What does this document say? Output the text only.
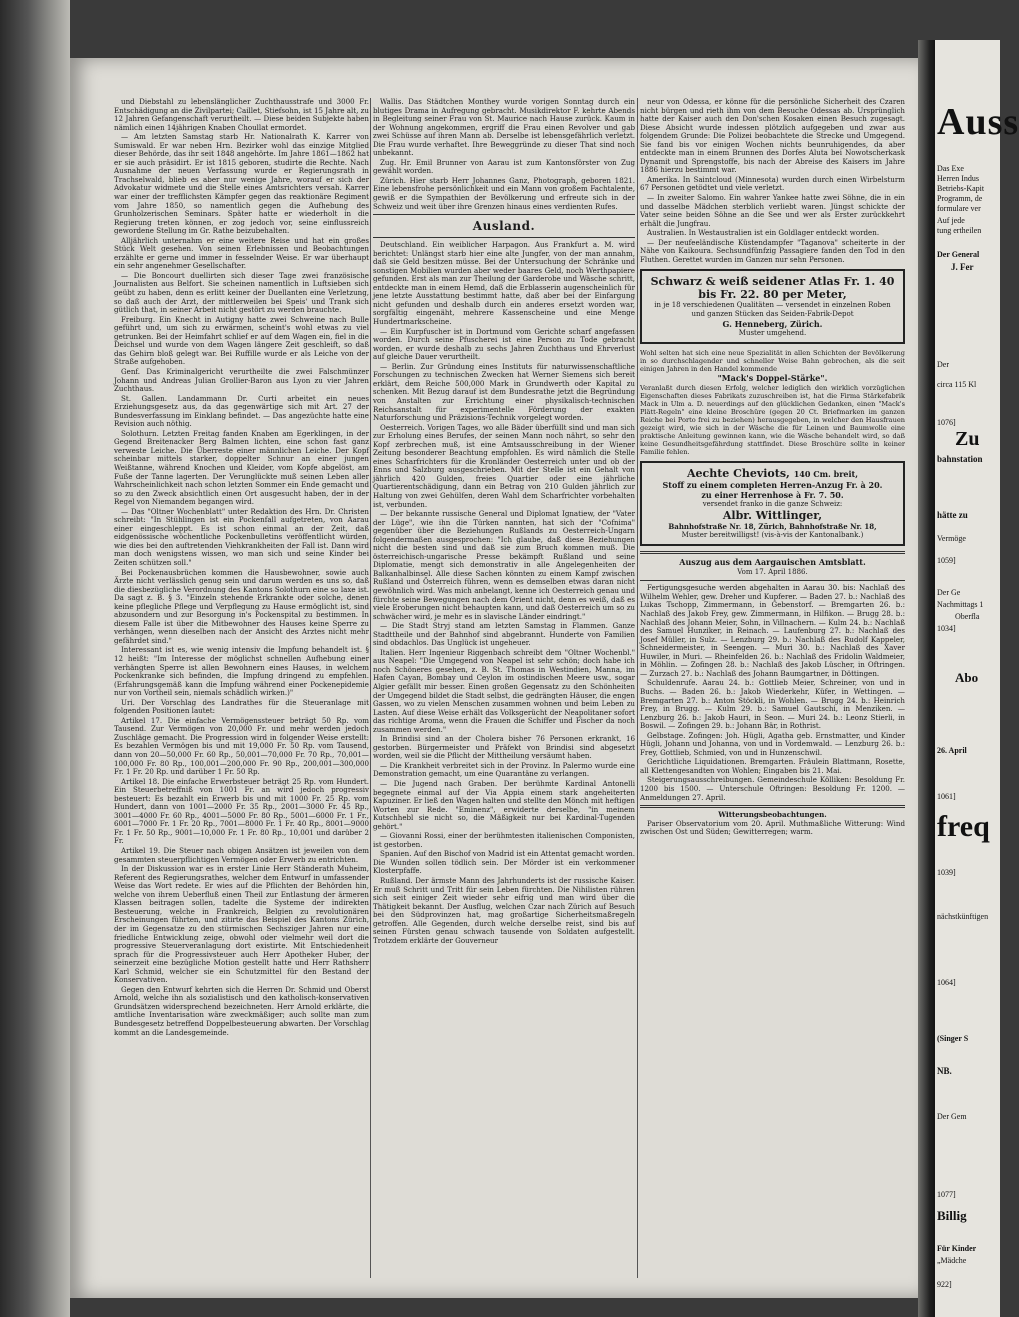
und Diebstahl zu lebenslänglicher Zuchthausstrafe und 3000 Fr. Entschädigung an die Zivilpartei; Caillet, Stiefsohn, ist 15 Jahre alt, zu 12 Jahren Gefangenschaft verurtheilt. — Diese beiden Subjekte haben nämlich einen 14jährigen Knaben Choullat ermordet.

— Am letzten Samstag starb Hr. Nationalrath K. Karrer von Sumiswald. Er war neben Hrn. Bezirker wohl das einzige Mitglied dieser Behörde, das ihr seit 1848 angehörte. Im Jahre 1861—1862 hat er sie auch präsidirt. Er ist 1815 geboren, studirte die Rechte. Nach Ausnahme der neuen Verfassung wurde er Regierungsrath in Trachselwald, blieb es aber nur wenige Jahre, worauf er sich der Advokatur widmete und die Stelle eines Amtsrichters versah. Karrer war einer der trefflichsten Kämpfer gegen das reaktionäre Regiment vom Jahre 1850, so namentlich gegen die Aufhebung des Grunholzerischen Seminars. Später hatte er wiederholt in die Regierung treten können, er zog jedoch vor, seine einflussreich gewordene Stellung im Gr. Rathe beizubehalten.

Alljährlich unternahm er eine weitere Reise und hat ein großes Stück Welt gesehen. Von seinen Erlebnissen und Beobachtungen erzählte er gerne und immer in fesselnder Weise. Er war überhaupt ein sehr angenehmer Gesellschafter.

— Die Boncourt duellirten sich dieser Tage zwei französische Journalisten aus Belfort. Sie scheinen namentlich in Luftsieben sich geübt zu haben, denn es erlitt keiner der Duellanten eine Verletzung, so daß auch der Arzt, der mittlerweilen bei Speis' und Trank sich gütlich that, in seiner Arbeit nicht gestört zu werden brauchte.

Freiburg. Ein Knecht in Autigny hatte zwei Schweine nach Bulle geführt und, um sich zu erwärmen, scheint's wohl etwas zu viel getrunken. Bei der Heimfahrt schlief er auf dem Wagen ein, fiel in die Deichsel und wurde von dem Wagen längere Zeit geschleift, so daß das Gehirn bloß gelegt war. Bei Ruffille wurde er als Leiche von der Straße aufgehoben.

Genf. Das Kriminalgericht verurtheilte die zwei Falschmünzer Johann und Andreas Julian Grollier-Baron aus Lyon zu vier Jahren Zuchthaus.

St. Gallen. Landammann Dr. Curti arbeitet ein neues Erziehungsgesetz aus, da das gegenwärtige sich mit Art. 27 der Bundesverfassung im Einklang befindet. — Das angezüchte hatte eine Revision auch nöthig.

Solothurn. Letzten Freitag fanden Knaben am Egerklingen, in der Gegend Breitenacker Berg Balmen lichten, eine schon fast ganz verweste Leiche. Die Überreste einer männlichen Leiche. Der Kopf scheinbar mittels starker, doppelter Schnur an einer jungen Weißtanne, während Knochen und Kleider, vom Kopfe abgelöst, am Fuße der Tanne lagerten. Der Verunglückte muß seinen Leben aller Wahrscheinlichkeit nach schon letzten Sommer ein Ende gemacht und so zu den Zweck absichtlich einen Ort ausgesucht haben, der in der Regel von Niemandem begangen wird.

— Das "Oltner Wochenblatt" unter Redaktion des Hrn. Dr. Christen schreibt: "In Stühlingen ist ein Pockenfall aufgetreten, von Aarau einer eingeschleppt. Es ist schon einmal an der Zeit, daß eidgenössische wöchentliche Pockenbulletins veröffentlicht würden, wie dies bei den auftretenden Viehkrankheiten der Fall ist. Dann wird man doch wenigstens wissen, wo man sich und seine Kinder bei Zeiten schützen soll."

Bei Pockenausbrüchen kommen die Hausbewohner, sowie auch Ärzte nicht verlässlich genug sein und darum werden es uns so, daß die diesbezügliche Verordnung des Kantons Solothurn eine so laxe ist. Da sagt z. B. § 3. "Einzeln stehende Erkrankte oder solche, denen keine pflegliche Pflege und Verpflegung zu Hause ermöglicht ist, sind abzusondern und zur Besorgung in's Pockenspital zu bestimmen. In diesem Falle ist über die Mitbewohner des Hauses keine Sperre zu verhängen, wenn dieselben nach der Ansicht des Arztes nicht mehr gefährdet sind."

Interessant ist es, wie wenig intensiv die Impfung behandelt ist. § 12 heißt: "Im Interesse der möglichst schnellen Aufhebung einer verhängten Sperre ist allen Bewohnern eines Hauses, in welchem Pockenkranke sich befinden, die Impfung dringend zu empfehlen. (Erfahrungsgemäß kann die Impfung während einer Pockenepidemie nur von Vortheil sein, niemals schädlich wirken.)"

Uri. Der Vorschlag des Landrathes für die Steueranlage mit folgenden Positionen lautet:

Artikel 17. Die einfache Vermögenssteuer beträgt 50 Rp. vom Tausend. Zur Vermögen von 20,000 Fr. und mehr werden jedoch Zuschläge gemacht. Die Progression wird in folgender Weise erstellt: Es bezahlen Vermögen bis und mit 19,000 Fr. 50 Rp. vom Tausend, dann von 20—50,000 Fr. 60 Rp., 50,001—70,000 Fr. 70 Rp., 70,001—100,000 Fr. 80 Rp., 100,001—200,000 Fr. 90 Rp., 200,001—300,000 Fr. 1 Fr. 20 Rp. und darüber 1 Fr. 50 Rp.

Artikel 18. Die einfache Erwerbsteuer beträgt 25 Rp. vom Hundert. Ein Steuerbetreffniß von 1001 Fr. an wird jedoch progressiv besteuert: Es bezahlt ein Erwerb bis und mit 1000 Fr. 25 Rp. vom Hundert, dann von 1001—2000 Fr. 35 Rp., 2001—3000 Fr. 45 Rp., 3001—4000 Fr. 60 Rp., 4001—5000 Fr. 80 Rp., 5001—6000 Fr. 1 Fr., 6001—7000 Fr. 1 Fr. 20 Rp., 7001—8000 Fr. 1 Fr. 40 Rp., 8001—9000 Fr. 1 Fr. 50 Rp., 9001—10,000 Fr. 1 Fr. 80 Rp., 10,001 und darüber 2 Fr.

Artikel 19. Die Steuer nach obigen Ansätzen ist jeweilen von dem gesammten steuerpflichtigen Vermögen oder Erwerb zu entrichten.

In der Diskussion war es in erster Linie Herr Ständerath Muheim, Referent des Regierungsrathes, welcher dem Entwurf in umfassender Weise das Wort redete. Er wies auf die Pflichten der Behörden hin, welche von ihrem Ueberfluß einen Theil zur Entlastung der ärmeren Klassen beitragen sollen, tadelte die Systeme der indirekten Besteuerung, welche in Frankreich, Belgien zu revolutionären Erscheinungen führten, und zitirte das Beispiel des Kantons Zürich, der im Gegensatze zu den stürmischen Sechsziger Jahren nur eine friedliche Entwicklung zeige, obwohl oder vielmehr weil dort die progressive Steuerveranlagung dort existirte. Mit Entschiedenheit sprach für die Progressivsteuer auch Herr Apotheker Huber, der seinerzeit eine bezügliche Motion gestellt hatte und Herr Rathsherr Karl Schmid, welcher sie ein Schutzmittel für den Bestand der Konservativen.

Gegen den Entwurf kehrten sich die Herren Dr. Schmid und Oberst Arnold, welche ihn als sozialistisch und den katholisch-konservativen Grundsätzen widersprechend bezeichneten. Herr Arnold erklärte, die amtliche Inventarisation wäre zweckmäßiger; auch sollte man zum Bundesgesetz betreffend Doppelbesteuerung abwarten. Der Vorschlag kommt an die Landesgemeinde.

Wallis. Das Städtchen Monthey wurde vorigen Sonntag durch ein blutiges Drama in Aufregung gebracht. Musikdirektor F. kehrte Abends in Begleitung seiner Frau von St. Maurice nach Hause zurück. Kaum in der Wohnung angekommen, ergriff die Frau einen Revolver und gab zwei Schüsse auf ihren Mann ab. Derselbe ist lebensgefährlich verletzt. Die Frau wurde verhaftet. Ihre Beweggründe zu dieser That sind noch unbekannt.

Zug. Hr. Emil Brunner von Aarau ist zum Kantonsförster von Zug gewählt worden.

Zürich. Hier starb Herr Johannes Ganz, Photograph, geboren 1821. Eine lebensfrohe persönlichkeit und ein Mann von großem Fachtalente, gewiß er die Sympathien der Bevölkerung und erfreute sich in der Schweiz und weit über ihre Grenzen hinaus eines verdienten Rufes.

Ausland.

Deutschland. Ein weiblicher Harpagon. Aus Frankfurt a. M. wird berichtet: Unlängst starb hier eine alte Jungfer, von der man annahm, daß sie Geld besitzen müsse. Bei der Untersuchung der Schränke und sonstigen Mobilien wurden aber weder baares Geld, noch Werthpapiere gefunden. Erst als man zur Theilung der Garderobe und Wäsche schritt, entdeckte man in einem Hemd, daß die Erblasserin augenscheinlich für jene letzte Ausstattung bestimmt hatte, daß aber bei der Einfargung nicht gefunden und deshalb durch ein anderes ersetzt worden war, sorgfältig eingenäht, mehrere Kassenscheine und eine Menge Hundertmarkscheine.

— Ein Kurpfuscher ist in Dortmund vom Gerichte scharf angefassen worden. Durch seine Pfuscherei ist eine Person zu Tode gebracht worden, er wurde deshalb zu sechs Jahren Zuchthaus und Ehrverlust auf gleiche Dauer verurtheilt.

— Berlin. Zur Gründung eines Instituts für naturwissenschaftliche Forschungen zu technischen Zwecken hat Werner Siemens sich bereit erklärt, dem Reiche 500,000 Mark in Grundwerth oder Kapital zu schenken. Mit Bezug darauf ist dem Bundesrathe jetzt die Begründung von Anstalten zur Errichtung einer physikalisch-technischen Reichsanstalt für experimentelle Förderung der exakten Naturforschung und Präzisions-Technik vorgelegt worden.

Oesterreich. Vorigen Tages, wo alle Bäder überfüllt sind und man sich zur Erholung eines Berufes, der seinen Mann noch nährt, so sehr den Kopf zerbrechen muß, ist eine Amtsausschreibung in der Wiener Zeitung besonderer Beachtung empfohlen. Es wird nämlich die Stelle eines Scharfrichters für die Kronländer Oesterreich unter und ob der Enns und Salzburg ausgeschrieben. Mit der Stelle ist ein Gehalt von jährlich 420 Gulden, freies Quartier oder eine jährliche Quartierentschädigung, dann ein Betrag von 210 Gulden jährlich zur Haltung von zwei Gehülfen, deren Wahl dem Scharfrichter vorbehalten ist, verbunden.

— Der bekannte russische General und Diplomat Ignatiew, der "Vater der Lüge", wie ihn die Türken nannten, hat sich der "Cofnima" gegenüber über die Beziehungen Rußlands zu Oesterreich-Ungarn folgendermaßen ausgesprochen: "Ich glaube, daß diese Beziehungen nicht die besten sind und daß sie zum Bruch kommen muß. Die österreichisch-ungarische Presse bekämpft Rußland und seine Diplomatie, mengt sich demonstrativ in alle Angelegenheiten der Balkanhalbinsel. Alle diese Sachen könnten zu einem Kampf zwischen Rußland und Österreich führen, wenn es demselben etwas daran nicht gewöhnlich wird. Was mich anbelangt, kenne ich Oesterreich genau und fürchte seine Bewegungen nach dem Orient nicht, denn es weiß, daß es viele Eroberungen nicht behaupten kann, und daß Oesterreich um so zu schwächer wird, je mehr es in slavische Länder eindringt."

— Die Stadt Stryj stand am letzten Samstag in Flammen. Ganze Stadttheile und der Bahnhof sind abgebrannt. Hunderte von Familien sind obdachlos. Das Unglück ist ungeheuer.

Italien. Herr Ingenieur Riggenbach schreibt dem "Oltner Wochenbl." aus Neapel: "Die Umgegend von Neapel ist sehr schön; doch habe ich noch Schöneres gesehen, z. B. St. Thomas in Westindien, Manna, im Hafen Cayan, Bombay und Ceylon im ostindischen Meere usw., sogar Algier gefällt mir besser. Einen großen Gegensatz zu den Schönheiten der Umgegend bildet die Stadt selbst, die gedrängten Häuser, die engen Gassen, wo zu vielen Menschen zusammen wohnen und beim Leben zu Lasten. Auf diese Weise erhält das Volksgerücht der Neapolitaner sofort das richtige Aroma, wenn die Frauen die Schiffer und Fischer da noch zusammen werden."

In Brindisi sind an der Cholera bisher 76 Personen erkrankt, 16 gestorben. Bürgermeister und Präfekt von Brindisi sind abgesetzt worden, weil sie die Pflicht der Mittheilung versäumt haben.

— Die Krankheit verbreitet sich in der Provinz. In Palermo wurde eine Demonstration gemacht, um eine Quarantäne zu verlangen.

— Die Jugend nach Graben. Der berühmte Kardinal Antonelli begegnete einmal auf der Via Appia einem stark angeheiterten Kapuziner. Er ließ den Wagen halten und stellte den Mönch mit heftigen Worten zur Rede. "Eminenz", erwiderte derselbe, "in meinem Kutschhebl sie nicht so, die Mäßigkeit nur bei Kardinal-Tugenden gehört."

— Giovanni Rossi, einer der berühmtesten italienischen Componisten, ist gestorben.

Spanien. Auf den Bischof von Madrid ist ein Attentat gemacht worden. Die Wunden sollen tödlich sein. Der Mörder ist ein verkommener Klosterpfaffe.

Rußland. Der ärmste Mann des Jahrhunderts ist der russische Kaiser. Er muß Schritt und Tritt für sein Leben fürchten. Die Nihilisten rühren sich seit einiger Zeit wieder sehr eifrig und man wird über die Thätigkeit bekannt. Der Ausflug, welchen Czar nach Zürich auf Besuch bei den Südprovinzen hat, mag großartige Sicherheitsmaßregeln getroffen. Alle Gegenden, durch welche derselbe reist, sind bis auf seinen Fürsten genau schwach tausende von Soldaten aufgestellt. Trotzdem erklärte der Gouverneur

neur von Odessa, er könne für die persönliche Sicherheit des Czaren nicht bürgen und rieth ihm von dem Besuche Odessas ab. Ursprünglich hatte der Kaiser auch den Don'schen Kosaken einen Besuch zugesagt. Diese Absicht wurde indessen plötzlich aufgegeben und zwar aus folgendem Grunde: Die Polizei beobachtete die Strecke und Umgegend. Sie fand bis vor einigen Wochen nichts beunruhigendes, da aber entdeckte man in einem Brunnen des Dorfes Aluta bei Nowotscherkask Dynamit und Sprengstoffe, bis nach der Abreise des Kaisers im Jahre 1886 hierzu bestimmt war.

Amerika. In Saintcloud (Minnesota) wurden durch einen Wirbelsturm 67 Personen getödtet und viele verletzt.

— In zweiter Salomo. Ein wahrer Yankee hatte zwei Söhne, die in ein und dasselbe Mädchen sterblich verliebt waren. Jüngst schickte der Vater seine beiden Söhne an die See und wer als Erster zurückkehrt erhält die Jungfrau.

Australien. In Westaustralien ist ein Goldlager entdeckt worden.

— Der neufeeländische Küstendampfer "Taganova" scheiterte in der Nähe von Kaikoura. Sechsundfünfzig Passagiere fanden den Tod in den Fluthen. Gerettet wurden im Ganzen nur sehn Personen.

Schwarz & weiß seidener Atlas Fr. 1. 40 bis Fr. 22. 80 per Meter,
in je 18 verschiedenen Qualitäten — versendet in einzelnen Roben und ganzen Stücken das Seiden-Fabrik-Depot
G. Henneberg, Zürich.
Muster umgehend.
Wohl selten hat sich eine neue Spezialität in allen Schichten der Bevölkerung in so durchschlagender und schneller Weise Bahn gebrochen, als die seit einigen Jahren in den Handel kommende
"Mack's Doppel-Stärke".
Veranlaßt durch diesen Erfolg, welcher lediglich den wirklich vorzüglichen Eigenschaften dieses Fabrikats zuzuschreiben ist, hat die Firma Stärkefabrik Mack in Ulm a. D. neuerdings auf den glücklichen Gedanken, einen "Mack's Plätt-Regeln" eine kleine Broschüre (gegen 20 Ct. Briefmarken im ganzen Reiche bei Porto frei zu beziehen) herausgegeben, in welcher den Hausfrauen gezeigt wird, wie sich in der Wäsche die für Leinen und Baumwolle eine praktische Anleitung gewinnen kann, wie die Wäsche behandelt wird, so daß keine Gesundheitsgefährdung stattfindet. Diese Broschüre sollte in keiner Familie fehlen.
Aechte Cheviots, 140 Cm. breit,
Stoff zu einem completen Herren-Anzug Fr. à 20.
zu einer Herrenhose à Fr. 7. 50.
versendet franko in die ganze Schweiz:
Albr. Wittlinger,
Bahnhofstraße Nr. 18, Zürich, Bahnhofstraße Nr. 18,
Muster bereitwilligst! (vis-à-vis der Kantonalbank.)
Auszug aus dem Aargauischen Amtsblatt.
Vom 17. April 1886.

Fertigungsgesuche werden abgehalten in Aarau 30. bis: Nachlaß des Wilhelm Wehler, gew. Dreher und Kupferer. — Baden 27. b.: Nachlaß des Lukas Tschopp, Zimmermann, in Gebenstorf. — Bremgarten 26. b.: Nachlaß des Jakob Frey, gew. Zimmermann, in Hilfikon. — Brugg 28. b.: Nachlaß des Johann Meier, Sohn, in Villnachern. — Kulm 24. b.: Nachlaß des Samuel Hunziker, in Reinach. — Laufenburg 27. b.: Nachlaß des Josef Müller, in Sulz. — Lenzburg 29. b.: Nachlaß des Rudolf Kappeler, Schneidermeister, in Seengen. — Muri 30. b.: Nachlaß des Xaver Huwiler, in Muri. — Rheinfelden 26. b.: Nachlaß des Fridolin Waldmeier, in Möhlin. — Zofingen 28. b.: Nachlaß des Jakob Lüscher, in Oftringen. — Zurzach 27. b.: Nachlaß des Johann Baumgartner, in Döttingen.

Schuldenrufe. Aarau 24. b.: Gottlieb Meier, Schreiner, von und in Buchs. — Baden 26. b.: Jakob Wiederkehr, Küfer, in Wettingen. — Bremgarten 27. b.: Anton Stöckli, in Wohlen. — Brugg 24. b.: Heinrich Frey, in Brugg. — Kulm 29. b.: Samuel Gautschi, in Menziken. — Lenzburg 26. b.: Jakob Hauri, in Seon. — Muri 24. b.: Leonz Stierli, in Boswil. — Zofingen 29. b.: Johann Bär, in Rothrist.

Gelbstage. Zofingen: Joh. Hügli, Agatha geb. Ernstmatter, und Kinder Hügli, Johann und Johanna, von und in Vordemwald. — Lenzburg 26. b.: Frey, Gottlieb, Schmied, von und in Hunzenschwil.

Gerichtliche Liquidationen. Bremgarten. Fräulein Blattmann, Rosette, all Klettengesandten von Wohlen; Eingaben bis 21. Mai.

Steigerungsausschreibungen. Gemeindeschule Kölliken: Besoldung Fr. 1200 bis 1500. — Unterschule Oftringen: Besoldung Fr. 1200. — Anmeldungen 27. April.

Witterungsbeobachtungen.

Pariser Observatorium vom 20. April. Muthmaßliche Witterung: Wind zwischen Ost und Süden; Gewitterregen; warm.

Auss
Das Exe
Herren Indus
Betriebs-Kapit
Programm, de
formulare ver
Auf jede
tung ertheilen
Der General
J. Fer
Der
circa 115 Kl
1076]
Zu
bahnstation
hätte zu
Vermöge
1059]
Der Ge
Nachmittags 1
Oberfla
1034]
Abo
26. April
1061]
freq
1039]
nächstkünftigen
1064]
(Singer S
NB.
Der Gem
1077]
Billig
Für Kinder
„Mädche
922]
